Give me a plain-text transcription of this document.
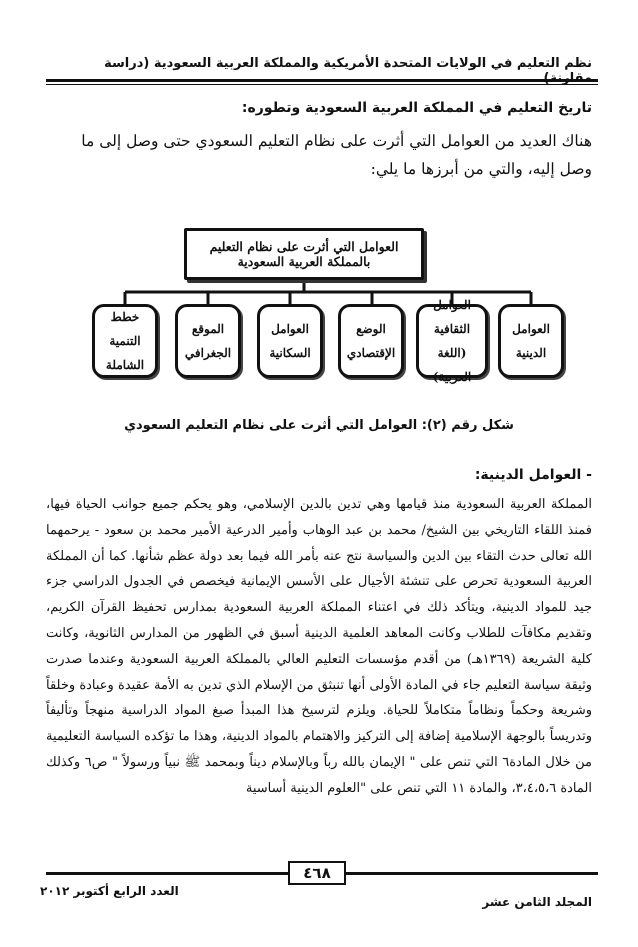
نظم التعليم في الولايات المتحدة الأمريكية والمملكة العربية السعودية (دراسة
تاريخ التعليم في المملكة العربية السعودية وتطوره:
هناك العديد من العوامل التي أثرت على نظام التعليم السعودي حتى وصل إلى ما وصل إليه، والتي من أبرزها ما يلي:
العوامل التي أثرت على نظام التعليم بالمملكة العربية السعودية
العوامل
الدينية
العوامل الثقافية
(اللغة العربية)
الوضع
الإقتصادي
العوامل
السكانية
الموقع
الجغرافي
خطط التنمية
الشاملة
شكل رقم (٢): العوامل التي أثرت على نظام التعليم السعودي
- العوامل الدينية:
المملكة العربية السعودية منذ قيامها وهي تدين بالدين الإسلامي، وهو يحكم جميع جوانب الحياة فيها، فمنذ اللقاء التاريخي بين الشيخ/ محمد بن عبد الوهاب وأمير الدرعية الأمير محمد بن سعود - يرحمهما الله تعالى حدث التقاء بين الدين والسياسة نتج عنه بأمر الله فيما بعد دولة عظم شأنها. كما أن المملكة العربية السعودية تحرص على تنشئة الأجيال على الأسس الإيمانية فيخصص في الجدول الدراسي جزء جيد للمواد الدينية، ويتأكد ذلك في اعتناء المملكة العربية السعودية بمدارس تحفيظ القرآن الكريم، وتقديم مكافآت للطلاب وكانت المعاهد العلمية الدينية أسبق في الظهور من المدارس الثانوية، وكانت كلية الشريعة (١٣٦٩هـ) من أقدم مؤسسات التعليم العالي بالمملكة العربية السعودية وعندما صدرت وثيقة سياسة التعليم جاء في المادة الأولى أنها تنبثق من الإسلام الذي تدين به الأمة عقيدة وعبادة وخلقاً وشريعة وحكماً ونظاماً متكاملاً للحياة. ويلزم لترسيخ هذا المبدأ صبغ المواد الدراسية منهجاً وتأليفاً وتدريساً بالوجهة الإسلامية إضافة إلى التركيز والاهتمام بالمواد الدينية، وهذا ما تؤكده السياسة التعليمية من خلال المادة٦ التي تنص على " الإيمان بالله رباً وبالإسلام ديناً وبمحمد ﷺ نبياً ورسولاً " ص٦ وكذلك المادة ٣،٤،٥،٦، والمادة ١١ التي تنص على "العلوم الدينية أساسية
٤٦٨
العدد الرابع أكتوبر ٢٠١٢
المجلد الثامن عشر
